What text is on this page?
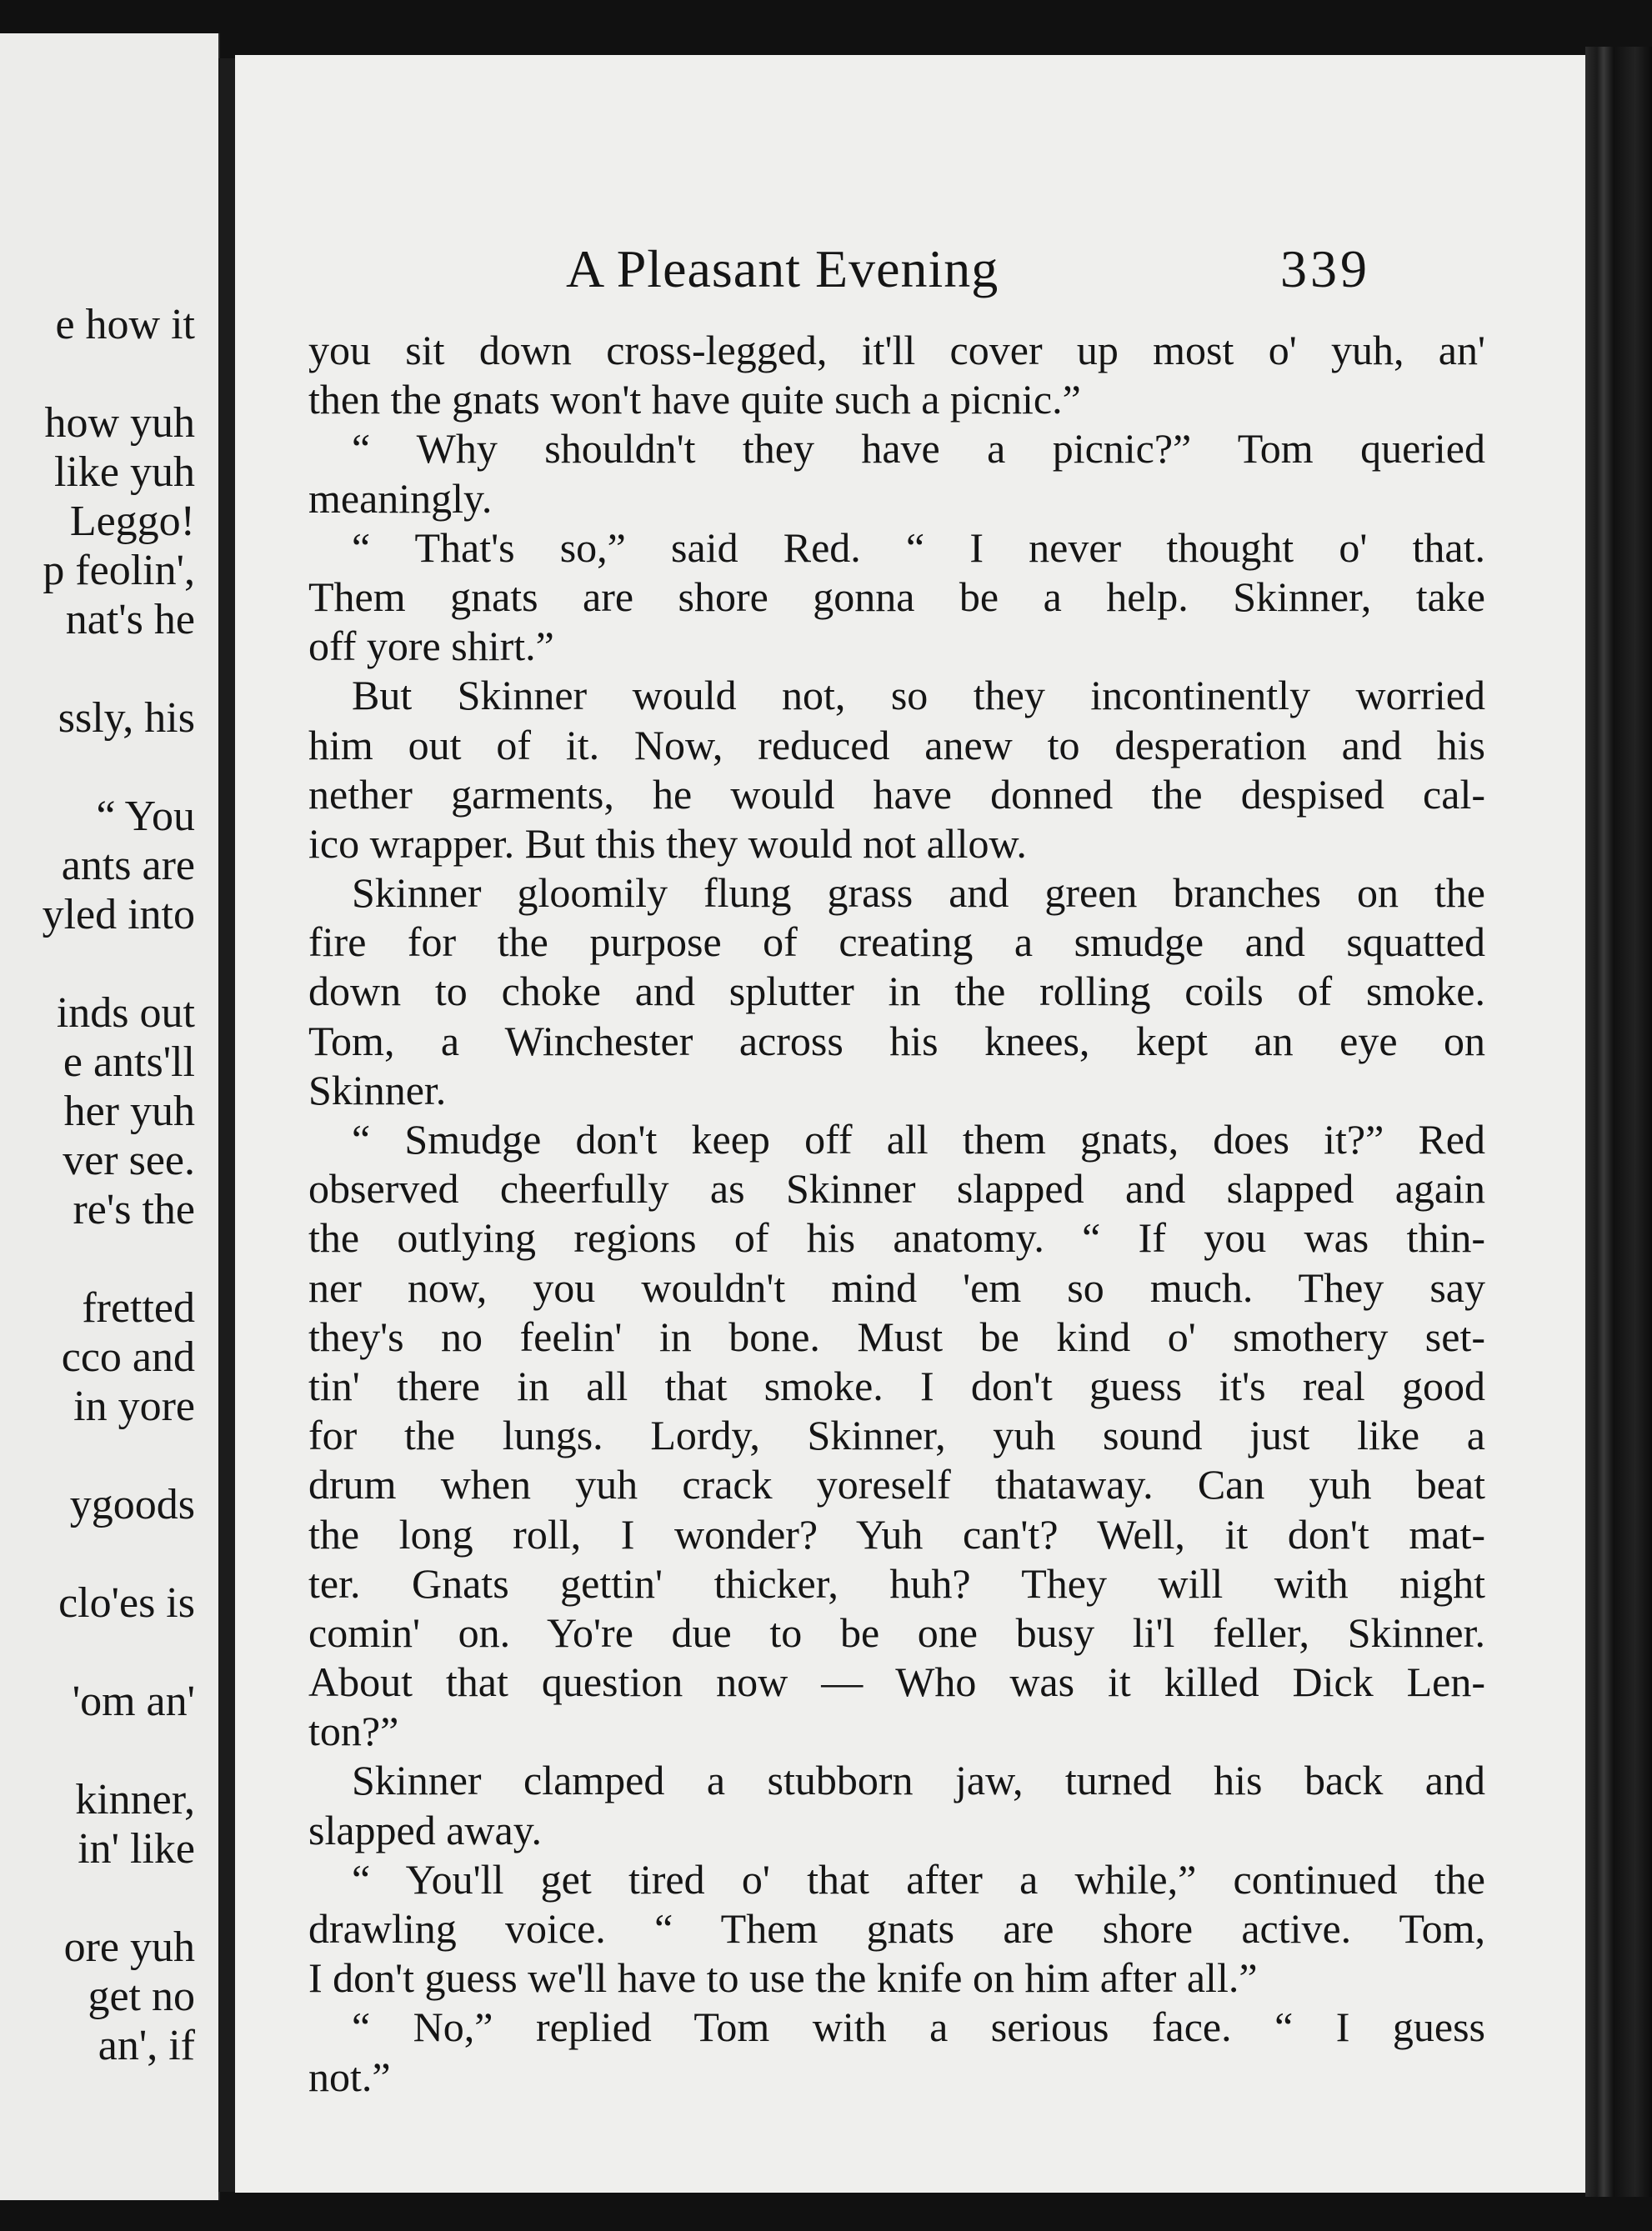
e how it
how yuh
like yuh
Leggo!
p feolin',
nat's he
ssly, his
“ You
ants are
yled into
inds out
e ants'll
her yuh
ver see.
re's the
fretted
cco and
in yore
ygoods
clo'es is
'om an'
kinner,
in' like
ore yuh
get no
an', if
A Pleasant Evening	339
you sit down cross-legged, it'll cover up most o' yuh, an'
then the gnats won't have quite such a picnic.”
“ Why shouldn't they have a picnic?” Tom queried
meaningly.
“ That's so,” said Red. “ I never thought o' that.
Them gnats are shore gonna be a help. Skinner, take
off yore shirt.”
But Skinner would not, so they incontinently worried
him out of it. Now, reduced anew to desperation and his
nether garments, he would have donned the despised cal-
ico wrapper. But this they would not allow.
Skinner gloomily flung grass and green branches on the
fire for the purpose of creating a smudge and squatted
down to choke and splutter in the rolling coils of smoke.
Tom, a Winchester across his knees, kept an eye on
Skinner.
“ Smudge don't keep off all them gnats, does it?” Red
observed cheerfully as Skinner slapped and slapped again
the outlying regions of his anatomy. “ If you was thin-
ner now, you wouldn't mind 'em so much. They say
they's no feelin' in bone. Must be kind o' smothery set-
tin' there in all that smoke. I don't guess it's real good
for the lungs. Lordy, Skinner, yuh sound just like a
drum when yuh crack yoreself thataway. Can yuh beat
the long roll, I wonder? Yuh can't? Well, it don't mat-
ter. Gnats gettin' thicker, huh? They will with night
comin' on. Yo're due to be one busy li'l feller, Skinner.
About that question now — Who was it killed Dick Len-
ton?”
Skinner clamped a stubborn jaw, turned his back and
slapped away.
“ You'll get tired o' that after a while,” continued the
drawling voice. “ Them gnats are shore active. Tom,
I don't guess we'll have to use the knife on him after all.”
“ No,” replied Tom with a serious face. “ I guess
not.”
